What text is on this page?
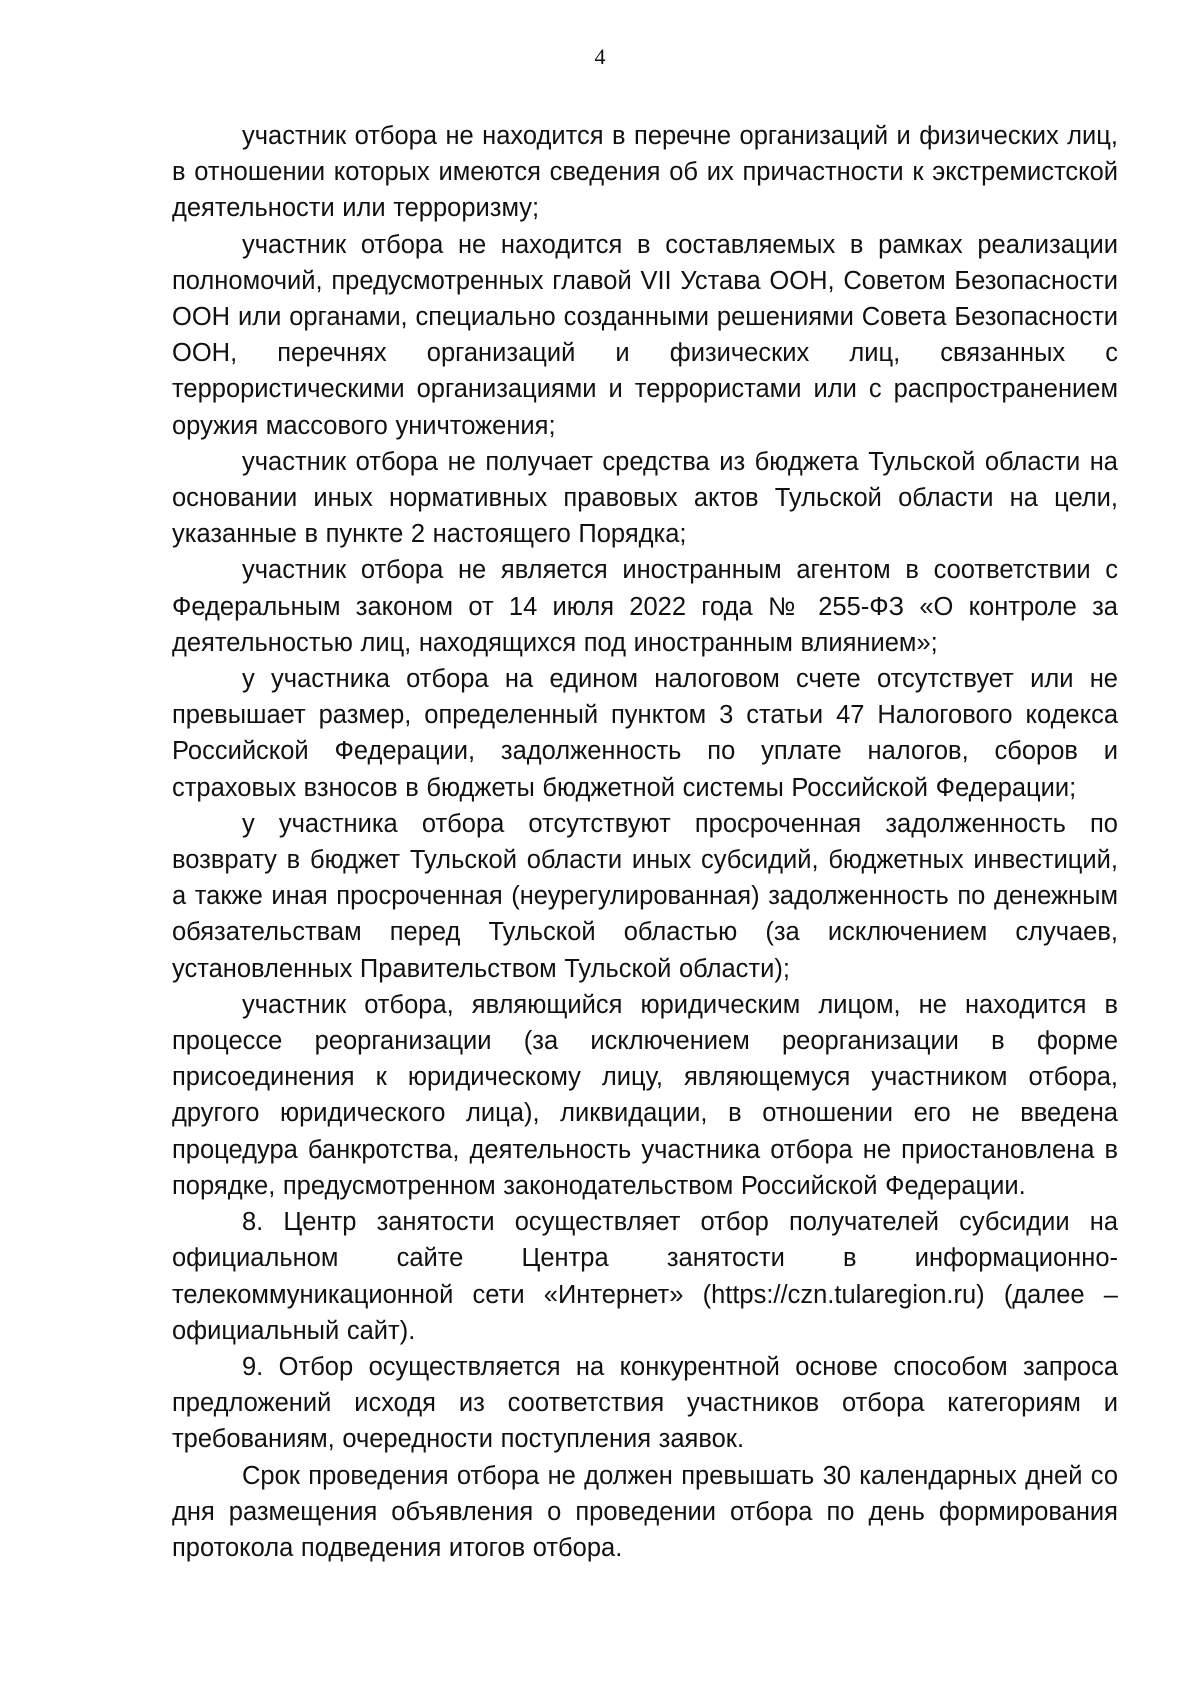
4

участник отбора не находится в перечне организаций и физических лиц, в отношении которых имеются сведения об их причастности к экстремистской деятельности или терроризму;

участник отбора не находится в составляемых в рамках реализации полномочий, предусмотренных главой VII Устава ООН, Советом Безопасности ООН или органами, специально созданными решениями Совета Безопасности ООН, перечнях организаций и физических лиц, связанных с террористическими организациями и террористами или с распространением оружия массового уничтожения;

участник отбора не получает средства из бюджета Тульской области на основании иных нормативных правовых актов Тульской области на цели, указанные в пункте 2 настоящего Порядка;

участник отбора не является иностранным агентом в соответствии с Федеральным законом от 14 июля 2022 года № 255-ФЗ «О контроле за деятельностью лиц, находящихся под иностранным влиянием»;

у участника отбора на едином налоговом счете отсутствует или не превышает размер, определенный пунктом 3 статьи 47 Налогового кодекса Российской Федерации, задолженность по уплате налогов, сборов и страховых взносов в бюджеты бюджетной системы Российской Федерации;

у участника отбора отсутствуют просроченная задолженность по возврату в бюджет Тульской области иных субсидий, бюджетных инвестиций, а также иная просроченная (неурегулированная) задолженность по денежным обязательствам перед Тульской областью (за исключением случаев, установленных Правительством Тульской области);

участник отбора, являющийся юридическим лицом, не находится в процессе реорганизации (за исключением реорганизации в форме присоединения к юридическому лицу, являющемуся участником отбора, другого юридического лица), ликвидации, в отношении его не введена процедура банкротства, деятельность участника отбора не приостановлена в порядке, предусмотренном законодательством Российской Федерации.

8. Центр занятости осуществляет отбор получателей субсидии на официальном сайте Центра занятости в информационно-телекоммуникационной сети «Интернет» (https://czn.tularegion.ru) (далее – официальный сайт).

9. Отбор осуществляется на конкурентной основе способом запроса предложений исходя из соответствия участников отбора категориям и требованиям, очередности поступления заявок.

Срок проведения отбора не должен превышать 30 календарных дней со дня размещения объявления о проведении отбора по день формирования протокола подведения итогов отбора.
